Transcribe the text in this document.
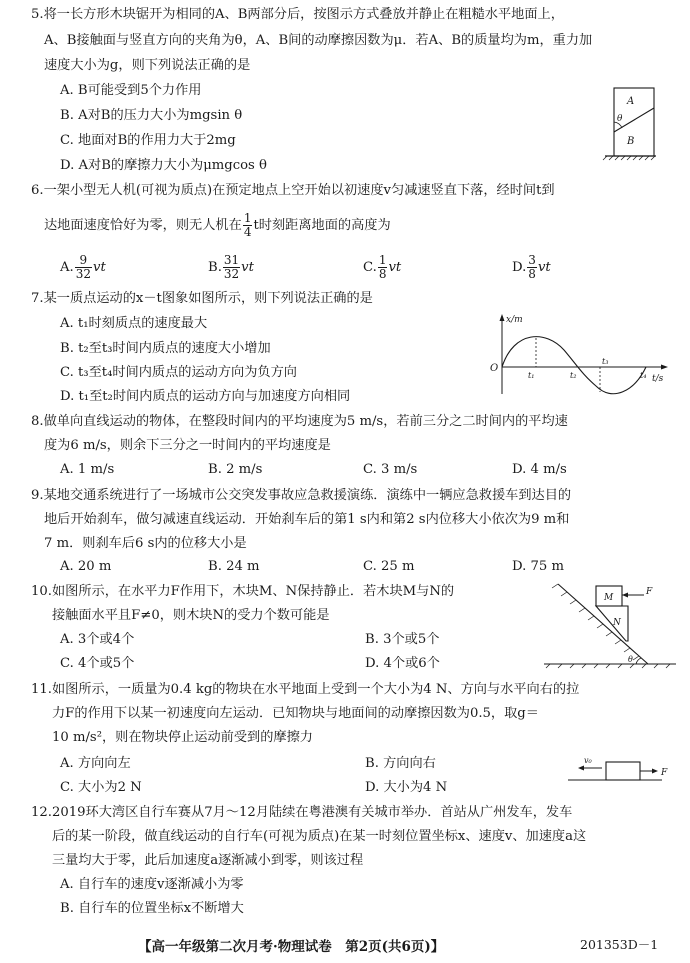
5.将一长方形木块锯开为相同的A、B两部分后，按图示方式叠放并静止在粗糙水平地面上，
A、B接触面与竖直方向的夹角为θ，A、B间的动摩擦因数为μ．若A、B的质量均为m，重力加
速度大小为g，则下列说法正确的是
A. B可能受到5个力作用
B. A对B的压力大小为mgsin θ
C. 地面对B的作用力大于2mg
D. A对B的摩擦力大小为μmgcos θ
A
θ
B
6.一架小型无人机(可视为质点)在预定地点上空开始以初速度v匀减速竖直下落，经时间t到
达地面速度恰好为零，则无人机在 $\frac{1}{4}$ t时刻距离地面的高度为
A. $\frac{9}{32}$ vt	B. $\frac{31}{32}$ vt	C. $\frac{1}{8}$ vt	D. $\frac{3}{8}$ vt
7.某一质点运动的x－t图象如图所示，则下列说法正确的是
A. t₁时刻质点的速度最大
B. t₂至t₃时间内质点的速度大小增加
C. t₃至t₄时间内质点的运动方向为负方向
D. t₁至t₂时间内质点的运动方向与加速度方向相同
x/m
O
t₁	t₂
t₃
t₄ t/s
8.做单向直线运动的物体，在整段时间内的平均速度为5 m/s，若前三分之二时间内的平均速
度为6 m/s，则余下三分之一时间内的平均速度是
A. 1 m/s	B. 2 m/s	C. 3 m/s	D. 4 m/s
9.某地交通系统进行了一场城市公交突发事故应急救援演练．演练中一辆应急救援车到达目的
地后开始刹车，做匀减速直线运动．开始刹车后的第1 s内和第2 s内位移大小依次为9 m和
7 m．则刹车后6 s内的位移大小是
A. 20 m	B. 24 m	C. 25 m	D. 75 m
10.如图所示，在水平力F作用下，木块M、N保持静止．若木块M与N的
接触面水平且F≠0，则木块N的受力个数可能是
A. 3个或4个	B. 3个或5个
C. 4个或5个	D. 4个或6个
M
N
F
θ
11.如图所示，一质量为0.4 kg的物块在水平地面上受到一个大小为4 N、方向与水平向右的拉
力F的作用下以某一初速度向左运动．已知物块与地面间的动摩擦因数为0.5，取g＝
10 m/s²，则在物块停止运动前受到的摩擦力
A. 方向向左	B. 方向向右
C. 大小为2 N	D. 大小为4 N
v₀
F
12.2019环大湾区自行车赛从7月～12月陆续在粤港澳有关城市举办．首站从广州发车，发车
后的某一阶段，做直线运动的自行车(可视为质点)在某一时刻位置坐标x、速度v、加速度a这
三量均大于零，此后加速度a逐渐减小到零，则该过程
A. 自行车的速度v逐渐减小为零
B. 自行车的位置坐标x不断增大
【高一年级第二次月考·物理试卷　第2页(共6页)】	201353D－1
